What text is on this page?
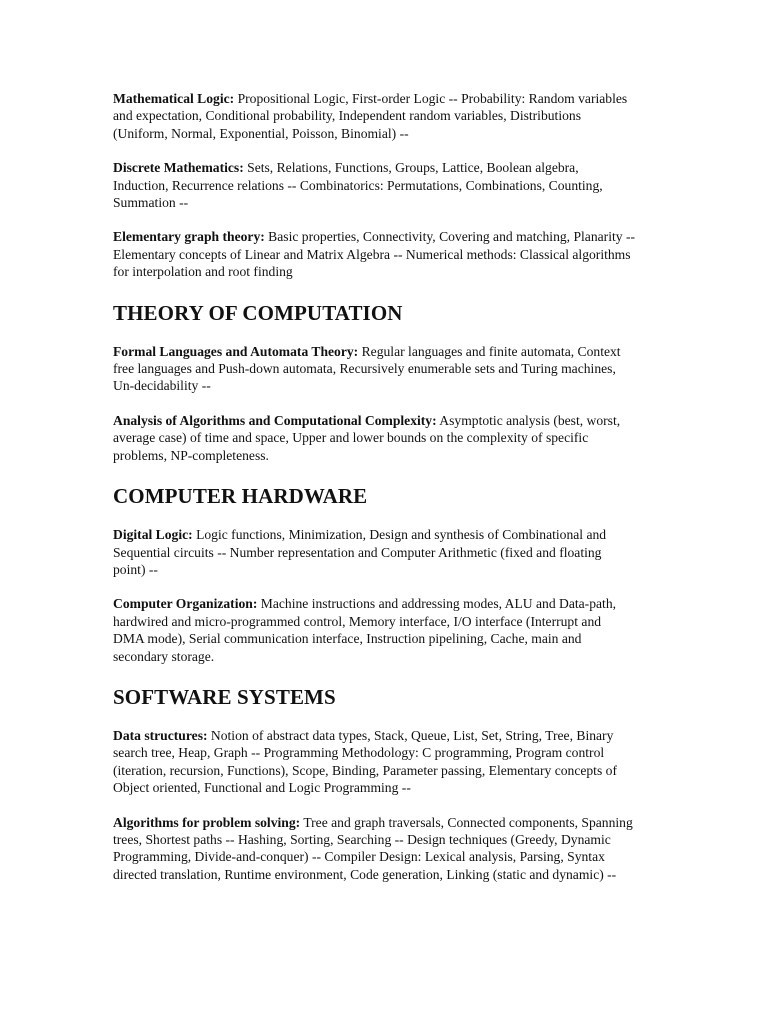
Mathematical Logic: Propositional Logic, First-order Logic -- Probability: Random variables and expectation, Conditional probability, Independent random variables, Distributions (Uniform, Normal, Exponential, Poisson, Binomial) --

Discrete Mathematics: Sets, Relations, Functions, Groups, Lattice, Boolean algebra, Induction, Recurrence relations -- Combinatorics: Permutations, Combinations, Counting, Summation --

Elementary graph theory: Basic properties, Connectivity, Covering and matching, Planarity -- Elementary concepts of Linear and Matrix Algebra -- Numerical methods: Classical algorithms for interpolation and root finding

THEORY OF COMPUTATION

Formal Languages and Automata Theory: Regular languages and finite automata, Context free languages and Push-down automata, Recursively enumerable sets and Turing machines, Un-decidability --

Analysis of Algorithms and Computational Complexity: Asymptotic analysis (best, worst, average case) of time and space, Upper and lower bounds on the complexity of specific problems, NP-completeness.

COMPUTER HARDWARE

Digital Logic: Logic functions, Minimization, Design and synthesis of Combinational and Sequential circuits -- Number representation and Computer Arithmetic (fixed and floating point) --

Computer Organization: Machine instructions and addressing modes, ALU and Data-path, hardwired and micro-programmed control, Memory interface, I/O interface (Interrupt and DMA mode), Serial communication interface, Instruction pipelining, Cache, main and secondary storage.

SOFTWARE SYSTEMS

Data structures: Notion of abstract data types, Stack, Queue, List, Set, String, Tree, Binary search tree, Heap, Graph -- Programming Methodology: C programming, Program control (iteration, recursion, Functions), Scope, Binding, Parameter passing, Elementary concepts of Object oriented, Functional and Logic Programming --

Algorithms for problem solving: Tree and graph traversals, Connected components, Spanning trees, Shortest paths -- Hashing, Sorting, Searching -- Design techniques (Greedy, Dynamic Programming, Divide-and-conquer) -- Compiler Design: Lexical analysis, Parsing, Syntax directed translation, Runtime environment, Code generation, Linking (static and dynamic) --
